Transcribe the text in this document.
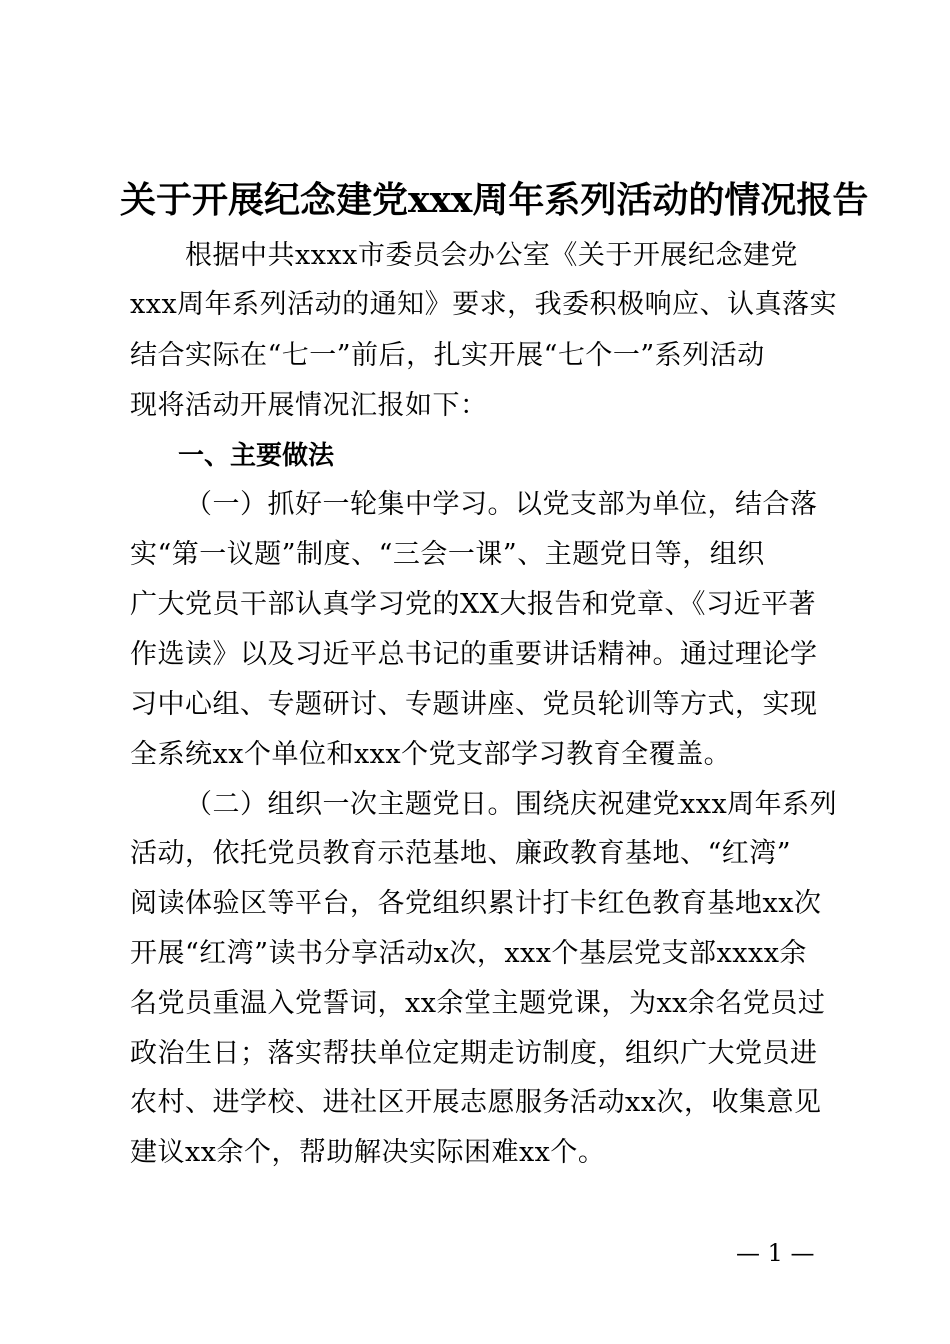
关于开展纪念建党xxx周年系列活动的情况报告
根据中共xxxx市委员会办公室《关于开展纪念建党
xxx周年系列活动的通知》要求，我委积极响应、认真落实
结合实际在“七一”前后，扎实开展“七个一”系列活动
现将活动开展情况汇报如下：
一、主要做法
（一）抓好一轮集中学习。以党支部为单位，结合落
实“第一议题”制度、“三会一课”、主题党日等，组织
广大党员干部认真学习党的XX大报告和党章、《习近平著
作选读》以及习近平总书记的重要讲话精神。通过理论学
习中心组、专题研讨、专题讲座、党员轮训等方式，实现
全系统xx个单位和xxx个党支部学习教育全覆盖。
（二）组织一次主题党日。围绕庆祝建党xxx周年系列
活动，依托党员教育示范基地、廉政教育基地、“红湾”
阅读体验区等平台，各党组织累计打卡红色教育基地xx次
开展“红湾”读书分享活动x次，xxx个基层党支部xxxx余
名党员重温入党誓词，xx余堂主题党课，为xx余名党员过
政治生日；落实帮扶单位定期走访制度，组织广大党员进
农村、进学校、进社区开展志愿服务活动xx次，收集意见
建议xx余个，帮助解决实际困难xx个。
— 1 —
